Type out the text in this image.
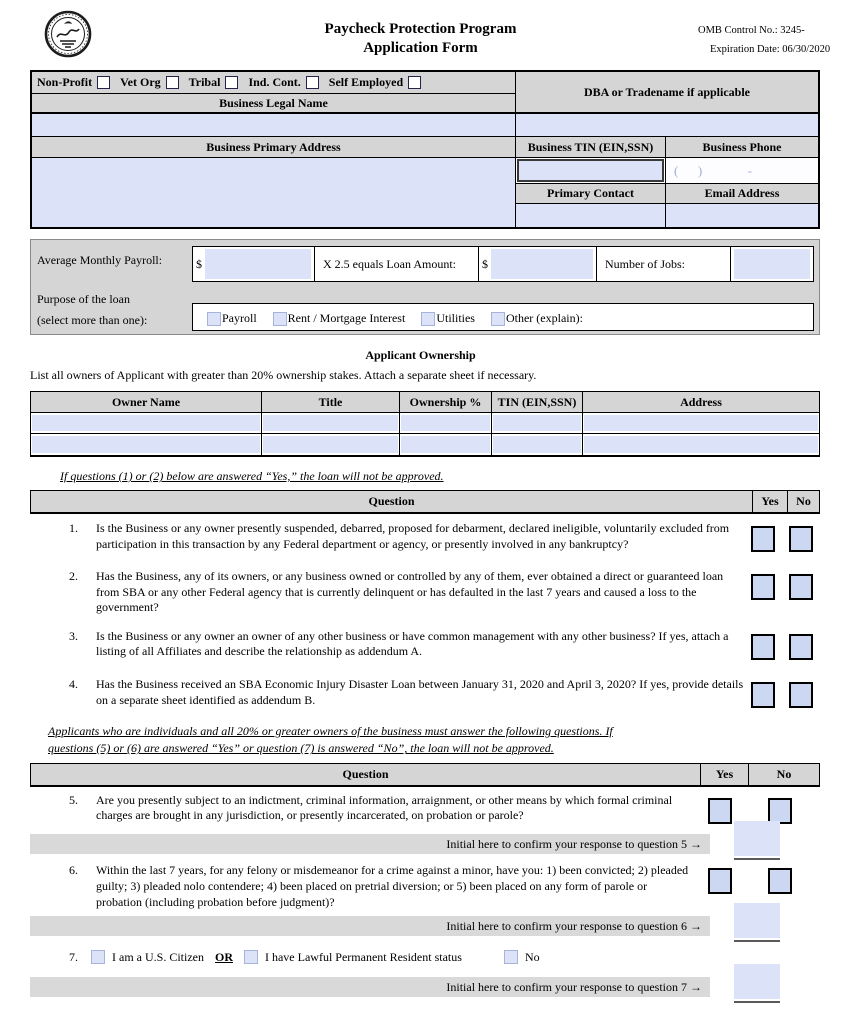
Paycheck Protection Program
Application Form
OMB Control No.: 3245-
Expiration Date: 06/30/2020
Non-Profit Vet Org Tribal Ind. Cont. Self Employed
DBA or Tradename if applicable
Business Legal Name
Business Primary Address	Business TIN (EIN,SSN)	Business Phone
(      )              -
Primary Contact	Email Address
Average Monthly Payroll:	$	X 2.5 equals Loan Amount:	$	Number of Jobs:
Purpose of the loan
(select more than one):	Payroll	Rent / Mortgage Interest	Utilities	Other (explain):
Applicant Ownership
List all owners of Applicant with greater than 20% ownership stakes. Attach a separate sheet if necessary.
Owner Name	Title	Ownership %	TIN (EIN,SSN)	Address
If questions (1) or (2) below are answered “Yes,” the loan will not be approved.
Question	Yes	No
1. Is the Business or any owner presently suspended, debarred, proposed for debarment, declared ineligible, voluntarily excluded from participation in this transaction by any Federal department or agency, or presently involved in any bankruptcy?
2. Has the Business, any of its owners, or any business owned or controlled by any of them, ever obtained a direct or guaranteed loan from SBA or any other Federal agency that is currently delinquent or has defaulted in the last 7 years and caused a loss to the government?
3. Is the Business or any owner an owner of any other business or have common management with any other business? If yes, attach a listing of all Affiliates and describe the relationship as addendum A.
4. Has the Business received an SBA Economic Injury Disaster Loan between January 31, 2020 and April 3, 2020? If yes, provide details on a separate sheet identified as addendum B.
Applicants who are individuals and all 20% or greater owners of the business must answer the following questions. If
questions (5) or (6) are answered “Yes” or question (7) is answered “No”, the loan will not be approved.
Question	Yes	No
5. Are you presently subject to an indictment, criminal information, arraignment, or other means by which formal criminal charges are brought in any jurisdiction, or presently incarcerated, on probation or parole?
Initial here to confirm your response to question 5 →
6. Within the last 7 years, for any felony or misdemeanor for a crime against a minor, have you: 1) been convicted; 2) pleaded guilty; 3) pleaded nolo contendere; 4) been placed on pretrial diversion; or 5) been placed on any form of parole or probation (including probation before judgment)?
Initial here to confirm your response to question 6 →
7.	I am a U.S. Citizen OR	I have Lawful Permanent Resident status	No
Initial here to confirm your response to question 7 →
